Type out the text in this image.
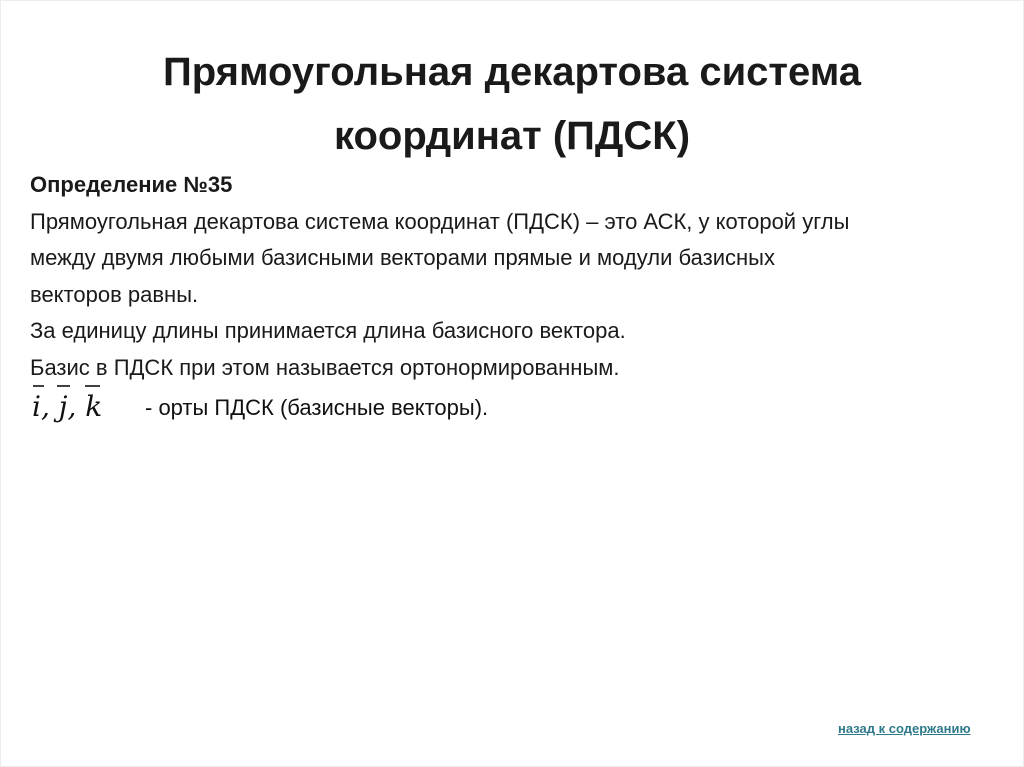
Прямоугольная декартова система
координат (ПДСК)
Определение №35
Прямоугольная декартова система координат (ПДСК) – это АСК, у которой углы
между двумя любыми базисными векторами прямые и модули базисных
векторов равны.
За единицу длины принимается длина базисного вектора.
Базис в ПДСК при этом называется ортонормированным.
i, j, k - орты ПДСК (базисные векторы).
назад к содержанию
